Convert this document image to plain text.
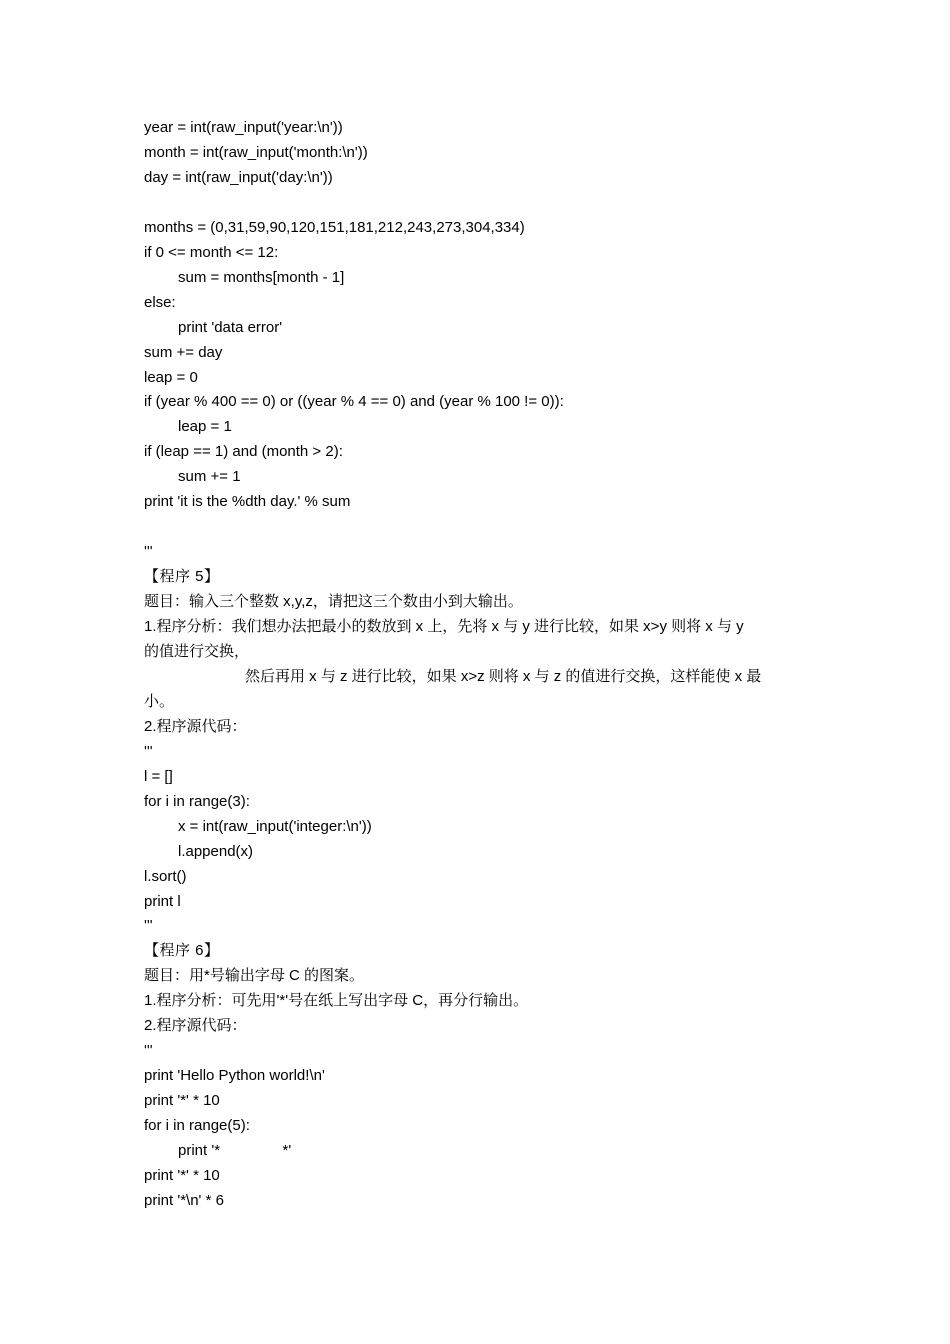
year = int(raw_input('year:\n'))
month = int(raw_input('month:\n'))
day = int(raw_input('day:\n'))
months = (0,31,59,90,120,151,181,212,243,273,304,334)
if 0 <= month <= 12:
sum = months[month - 1]
else:
print 'data error'
sum += day
leap = 0
if (year % 400 == 0) or ((year % 4 == 0) and (year % 100 != 0)):
leap = 1
if (leap == 1) and (month > 2):
sum += 1
print 'it is the %dth day.' % sum
'''
【程序 5】
题目：输入三个整数 x,y,z，请把这三个数由小到大输出。
1.程序分析：我们想办法把最小的数放到 x 上，先将 x 与 y 进行比较，如果 x>y 则将 x 与 y
的值进行交换，
然后再用 x 与 z 进行比较，如果 x>z 则将 x 与 z 的值进行交换，这样能使 x 最
小。
2.程序源代码：
'''
l = []
for i in range(3):
x = int(raw_input('integer:\n'))
l.append(x)
l.sort()
print l
'''
【程序 6】
题目：用*号输出字母 C 的图案。
1.程序分析：可先用'*'号在纸上写出字母 C，再分行输出。
2.程序源代码：
'''
print 'Hello Python world!\n'
print '*' * 10
for i in range(5):
print '*               *'
print '*' * 10
print '*\n' * 6
